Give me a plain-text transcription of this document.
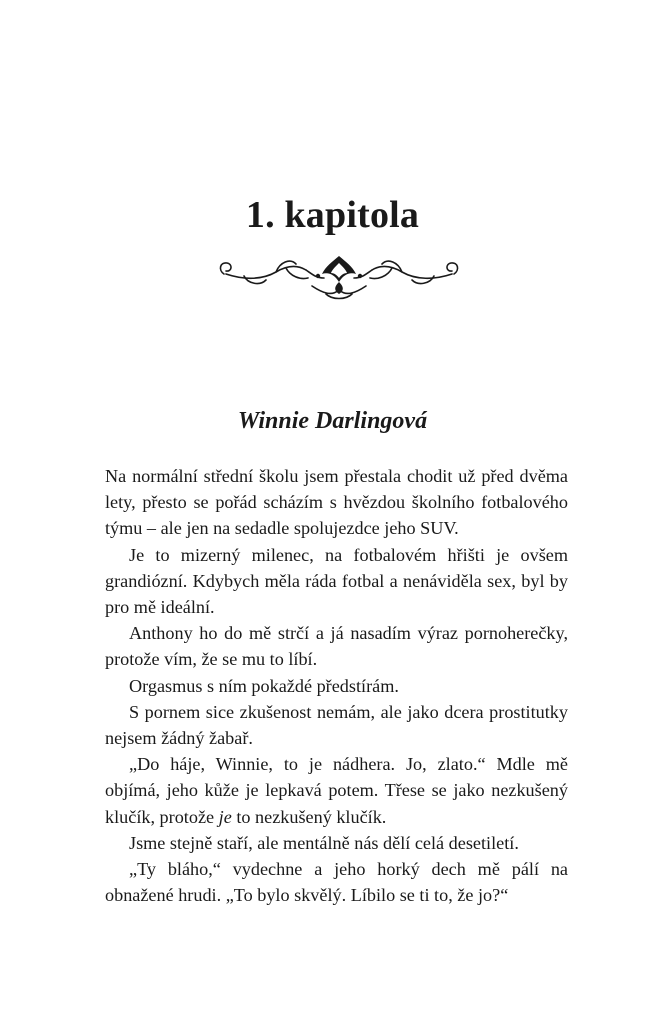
1. kapitola
Winnie Darlingová

Na normální střední školu jsem přestala chodit už před dvěma lety, přesto se pořád scházím s hvězdou školního fotbalového týmu – ale jen na sedadle spolujezdce jeho SUV.

Je to mizerný milenec, na fotbalovém hřišti je ovšem grandiózní. Kdybych měla ráda fotbal a nenáviděla sex, byl by pro mě ideální.

Anthony ho do mě strčí a já nasadím výraz pornoherečky, protože vím, že se mu to líbí.

Orgasmus s ním pokaždé předstírám.

S pornem sice zkušenost nemám, ale jako dcera prostitutky nejsem žádný žabař.

„Do háje, Winnie, to je nádhera. Jo, zlato.“ Mdle mě objímá, jeho kůže je lepkavá potem. Třese se jako nezkušený klučík, protože je to nezkušený klučík.

Jsme stejně staří, ale mentálně nás dělí celá desetiletí.

„Ty bláho,“ vydechne a jeho horký dech mě pálí na obnažené hrudi. „To bylo skvělý. Líbilo se ti to, že jo?“
